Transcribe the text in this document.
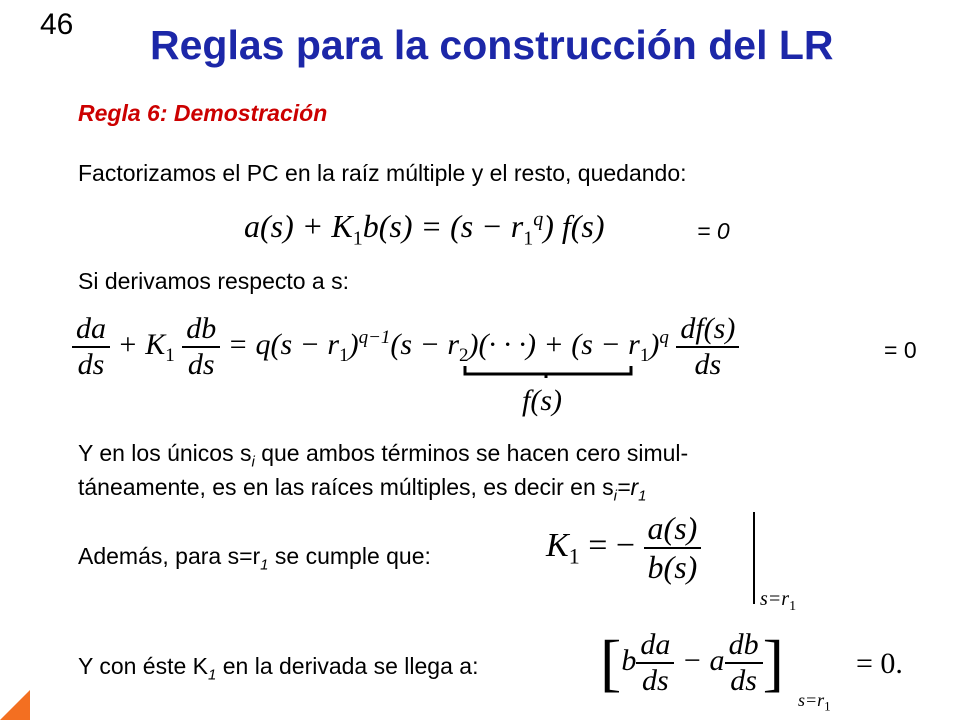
46 Reglas para la construcción del LR
Regla 6: Demostración
Factorizamos el PC en la raíz múltiple y el resto, quedando:
$a(s) + K_1b(s) = (s - r_1^q)$ f(s)	= 0
Si derivamos respecto a s:
$\frac{da}{ds} + K_1 \frac{db}{ds} = q(s - r_1)^{q-1}(s - r_2)(\cdot$ · ·) + $(s - r_1)^q \frac{df(s)}{ds}$	= 0
f(s)
Y en los únicos $s_i$ que ambos términos se hacen cero simul-
táneamente, es en las raíces múltiples, es decir en $s_i=r_1$
Además, para $s=r_1$ se cumple que:	$K_1$ = − $\frac{a(s)}{b(s)}$
$s=r_1$
Y con éste $K_1$ en la derivada se llega a: [$b \frac{da}{ds} - a \frac{db}{ds}$ ]
$s=r_1$
= 0.
